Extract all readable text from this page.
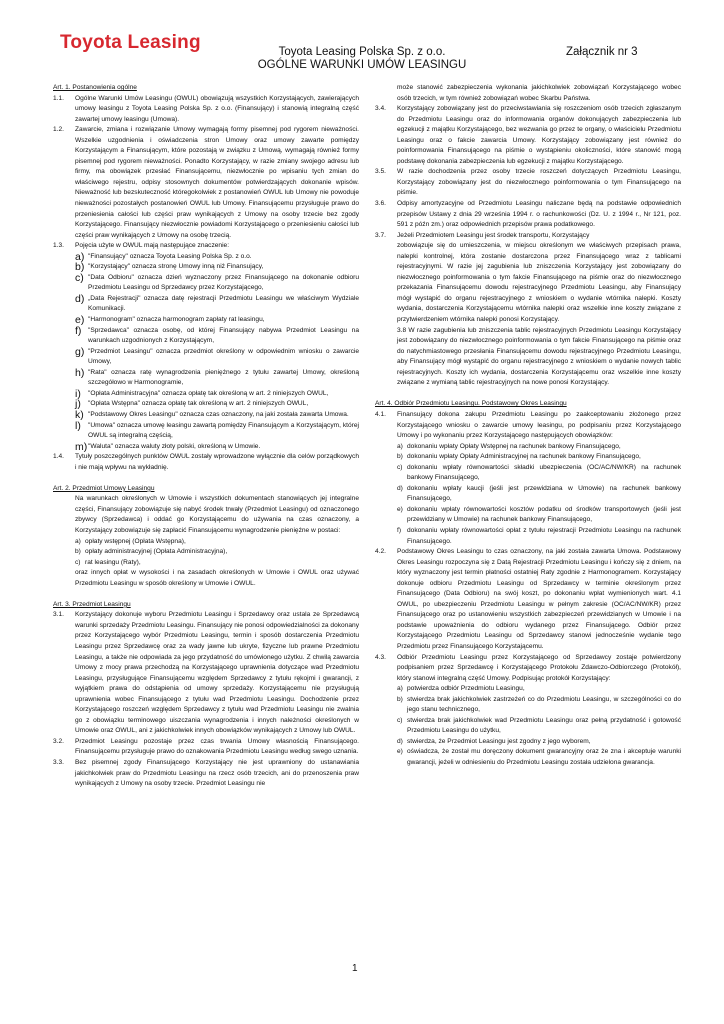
Toyota Leasing	Toyota Leasing Polska Sp. z o.o.	Załącznik nr 3
OGÓLNE WARUNKI UMÓW LEASINGU
Art. 1. Postanowienia ogólne
1.1.	Ogólne Warunki Umów Leasingu (OWUL) obowiązują wszystkich Korzystających, zawierających umowy leasingu z Toyota Leasing Polska Sp. z o.o. (Finansujący) i stanowią integralną część zawartej umowy leasingu (Umowa).
1.2.	Zawarcie, zmiana i rozwiązanie Umowy wymagają formy pisemnej pod rygorem nieważności. Wszelkie uzgodnienia i oświadczenia stron Umowy oraz umowy zawarte pomiędzy Korzystającym a Finansującym, które pozostają w związku z Umową, wymagają również formy pisemnej pod rygorem nieważności. Ponadto Korzystający, w razie zmiany swojego adresu lub firmy, ma obowiązek przesłać Finansującemu, niezwłocznie po wpisaniu tych zmian do właściwego rejestru, odpisy stosownych dokumentów potwierdzających dokonanie wpisów. Nieważność lub bezskuteczność któregokolwiek z postanowień OWUL lub Umowy nie powoduje nieważności pozostałych postanowień OWUL lub Umowy. Finansującemu przysługuje prawo do przeniesienia całości lub części praw wynikających z Umowy na osoby trzecie bez zgody Korzystającego. Finansujący niezwłocznie powiadomi Korzystającego o przeniesieniu całości lub części praw wynikających z Umowy na osobę trzecią.
1.3.	Pojęcia użyte w OWUL mają następujące znaczenie:
a) "Finansujący" oznacza Toyota Leasing Polska Sp. z o.o.
b) "Korzystający" oznacza stronę Umowy inną niż Finansujący,
c) "Data Odbioru" oznacza dzień wyznaczony przez Finansującego na dokonanie odbioru Przedmiotu Leasingu od Sprzedawcy przez Korzystającego,
d) „Data Rejestracji" oznacza datę rejestracji Przedmiotu Leasingu we właściwym Wydziale Komunikacji.
e) "Harmonogram" oznacza harmonogram zapłaty rat leasingu,
f) "Sprzedawca" oznacza osobę, od której Finansujący nabywa Przedmiot Leasingu na warunkach uzgodnionych z Korzystającym,
g) "Przedmiot Leasingu" oznacza przedmiot określony w odpowiednim wniosku o zawarcie Umowy,
h) "Rata" oznacza ratę wynagrodzenia pieniężnego z tytułu zawartej Umowy, określoną szczegółowo w Harmonogramie,
i)	"Opłata Administracyjna" oznacza opłatę tak określoną w art. 2 niniejszych OWUL,
j)	"Opłata Wstępna" oznacza opłatę tak określoną w art. 2 niniejszych OWUL,
k) "Podstawowy Okres Leasingu" oznacza czas oznaczony, na jaki została zawarta Umowa.
l)	"Umowa" oznacza umowę leasingu zawartą pomiędzy Finansującym a Korzystającym, której OWUL są integralną częścią,
m) "Waluta" oznacza waluty złoty polski, określoną w Umowie.
1.4.	Tytuły poszczególnych punktów OWUL zostały wprowadzone wyłącznie dla celów porządkowych i nie mają wpływu na wykładnię.
Art. 2. Przedmiot Umowy Leasingu
Na warunkach określonych w Umowie i wszystkich dokumentach stanowiących jej integralne części, Finansujący zobowiązuje się nabyć środek trwały (Przedmiot Leasingu) od oznaczonego zbywcy (Sprzedawca) i oddać go Korzystającemu do używania na czas oznaczony, a Korzystający zobowiązuje się zapłacić Finansującemu wynagrodzenie pieniężne w postaci:
a) opłaty wstępnej (Opłata Wstępna),
b) opłaty administracyjnej (Opłata Administracyjna),
c) rat leasingu (Raty),
oraz innych opłat w wysokości i na zasadach określonych w Umowie i OWUL oraz używać Przedmiotu Leasingu w sposób określony w Umowie i OWUL.
Art. 3. Przedmiot Leasingu
3.1.	Korzystający dokonuje wyboru Przedmiotu Leasingu i Sprzedawcy oraz ustala ze Sprzedawcą warunki sprzedaży Przedmiotu Leasingu. Finansujący nie ponosi odpowiedzialności za dokonany przez Korzystającego wybór Przedmiotu Leasingu, termin i sposób dostarczenia Przedmiotu Leasingu przez Sprzedawcę oraz za wady jawne lub ukryte, fizyczne lub prawne Przedmiotu Leasingu, a także nie odpowiada za jego przydatność do umówionego użytku. Z chwilą zawarcia Umowy z mocy prawa przechodzą na Korzystającego uprawnienia dotyczące wad Przedmiotu Leasingu, przysługujące Finansującemu względem Sprzedawcy z tytułu rękojmi i gwarancji, z wyjątkiem prawa do odstąpienia od umowy sprzedaży. Korzystającemu nie przysługują uprawnienia wobec Finansującego z tytułu wad Przedmiotu Leasingu. Dochodzenie przez Korzystającego roszczeń względem Sprzedawcy z tytułu wad Przedmiotu Leasingu nie zwalnia go z obowiązku terminowego uiszczania wynagrodzenia i innych należności określonych w Umowie oraz OWUL, ani z jakichkolwiek innych obowiązków wynikających z Umowy lub OWUL.
3.2.	Przedmiot Leasingu pozostaje przez czas trwania Umowy własnością Finansującego. Finansującemu przysługuje prawo do oznakowania Przedmiotu Leasingu według swego uznania.
3.3.	Bez pisemnej zgody Finansującego Korzystający nie jest uprawniony do ustanawiania jakichkolwiek praw do Przedmiotu Leasingu na rzecz osób trzecich, ani do przenoszenia praw wynikających z Umowy na osoby trzecie. Przedmiot Leasingu nie
może stanowić zabezpieczenia wykonania jakichkolwiek zobowiązań Korzystającego wobec osób trzecich, w tym również zobowiązań wobec Skarbu Państwa.
3.4.	Korzystający zobowiązany jest do przeciwstawiania się roszczeniom osób trzecich zgłaszanym do Przedmiotu Leasingu oraz do informowania organów dokonujących zabezpieczenia lub egzekucji z majątku Korzystającego, bez wezwania go przez te organy, o właścicielu Przedmiotu Leasingu oraz o fakcie zawarcia Umowy. Korzystający zobowiązany jest również do poinformowania Finansującego na piśmie o wystąpieniu okoliczności, które stanowić mogą podstawę dokonania zabezpieczenia lub egzekucji z majątku Korzystającego.
3.5.	W razie dochodzenia przez osoby trzecie roszczeń dotyczących Przedmiotu Leasingu, Korzystający zobowiązany jest do niezwłocznego poinformowania o tym Finansującego na piśmie.
3.6.	Odpisy amortyzacyjne od Przedmiotu Leasingu naliczane będą na podstawie odpowiednich przepisów Ustawy z dnia 29 września 1994 r. o rachunkowości (Dz. U. z 1994 r., Nr 121, poz. 591 z późn zm.) oraz odpowiednich przepisów prawa podatkowego.
3.7.	Jeżeli Przedmiotem Leasingu jest środek transportu, Korzystający
zobowiązuje się do umieszczenia, w miejscu określonym we właściwych przepisach prawa, nalepki kontrolnej, która zostanie dostarczona przez Finansującego wraz z tablicami rejestracyjnymi. W razie jej zagubienia lub zniszczenia Korzystający jest zobowiązany do niezwłocznego poinformowania o tym fakcie Finansującego na piśmie oraz do niezwłocznego przekazania Finansującemu dowodu rejestracyjnego Przedmiotu Leasingu, aby Finansujący mógł wystąpić do organu rejestracyjnego z wnioskiem o wydanie wtórnika nalepki. Koszty wydania, dostarczenia Korzystającemu wtórnika nalepki oraz wszelkie inne koszty związane z przytwierdzeniem wtórnika nalepki ponosi Korzystający.
3.8 W razie zagubienia lub zniszczenia tablic rejestracyjnych Przedmiotu Leasingu Korzystający jest zobowiązany do niezwłocznego poinformowania o tym fakcie Finansującego na piśmie oraz do natychmiastowego przesłania Finansującemu dowodu rejestracyjnego Przedmiotu Leasingu, aby Finansujący mógł wystąpić do organu rejestracyjnego z wnioskiem o wydanie nowych tablic rejestracyjnych. Koszty ich wydania, dostarczenia Korzystającemu oraz wszelkie inne koszty związane z wymianą tablic rejestracyjnych na nowe ponosi Korzystający.
Art. 4. Odbiór Przedmiotu Leasingu. Podstawowy Okres Leasingu
4.1.	Finansujący dokona zakupu Przedmiotu Leasingu po zaakceptowaniu złożonego przez Korzystającego wniosku o zawarcie umowy leasingu, po podpisaniu przez Korzystającego Umowy i po wykonaniu przez Korzystającego następujących obowiązków:
a) dokonaniu wpłaty Opłaty Wstępnej na rachunek bankowy Finansującego,
b) dokonaniu wpłaty Opłaty Administracyjnej na rachunek bankowy Finansującego,
c) dokonaniu wpłaty równowartości składki ubezpieczenia (OC/AC/NW/KR) na rachunek bankowy Finansującego,
d) dokonaniu wpłaty kaucji (jeśli jest przewidziana w Umowie) na rachunek bankowy Finansującego,
e) dokonaniu wpłaty równowartości kosztów podatku od środków transportowych (jeśli jest przewidziany w Umowie) na rachunek bankowy Finansującego,
f) dokonaniu wpłaty równowartości opłat z tytułu rejestracji Przedmiotu Leasingu na rachunek Finansującego.
4.2.	Podstawowy Okres Leasingu to czas oznaczony, na jaki została zawarta Umowa. Podstawowy Okres Leasingu rozpoczyna się z Datą Rejestracji Przedmiotu Leasingu i kończy się z dniem, na który wyznaczony jest termin płatności ostatniej Raty zgodnie z Harmonogramem. Korzystający dokonuje odbioru Przedmiotu Leasingu od Sprzedawcy w terminie określonym przez Finansującego (Data Odbioru) na swój koszt, po dokonaniu wpłat wymienionych wart. 4.1 OWUL, po ubezpieczeniu Przedmiotu Leasingu w pełnym zakresie (OC/AC/NW/KR) przez Finansującego oraz po ustanowieniu wszystkich zabezpieczeń przewidzianych w Umowie i na podstawie upoważnienia do odbioru wydanego przez Finansującego. Odbiór przez Korzystającego Przedmiotu Leasingu od Sprzedawcy stanowi jednocześnie wydanie tego Przedmiotu przez Finansującego Korzystającemu.
4.3.	Odbiór Przedmiotu Leasingu przez Korzystającego od Sprzedawcy zostaje potwierdzony podpisaniem przez Sprzedawcę i Korzystającego Protokołu Zdawczo-Odbiorczego (Protokół), który stanowi integralną część Umowy. Podpisując protokół Korzystający:
a) potwierdza odbiór Przedmiotu Leasingu,
b) stwierdza brak jakichkolwiek zastrzeżeń co do Przedmiotu Leasingu, w szczególności co do jego stanu technicznego,
c) stwierdza brak jakichkolwiek wad Przedmiotu Leasingu oraz pełną przydatność i gotowość Przedmiotu Leasingu do użytku,
d) stwierdza, że Przedmiot Leasingu jest zgodny z jego wyborem,
e) oświadcza, że został mu doręczony dokument gwarancyjny oraz że zna i akceptuje warunki gwarancji, jeżeli w odniesieniu do Przedmiotu Leasingu została udzielona gwarancja.
1
